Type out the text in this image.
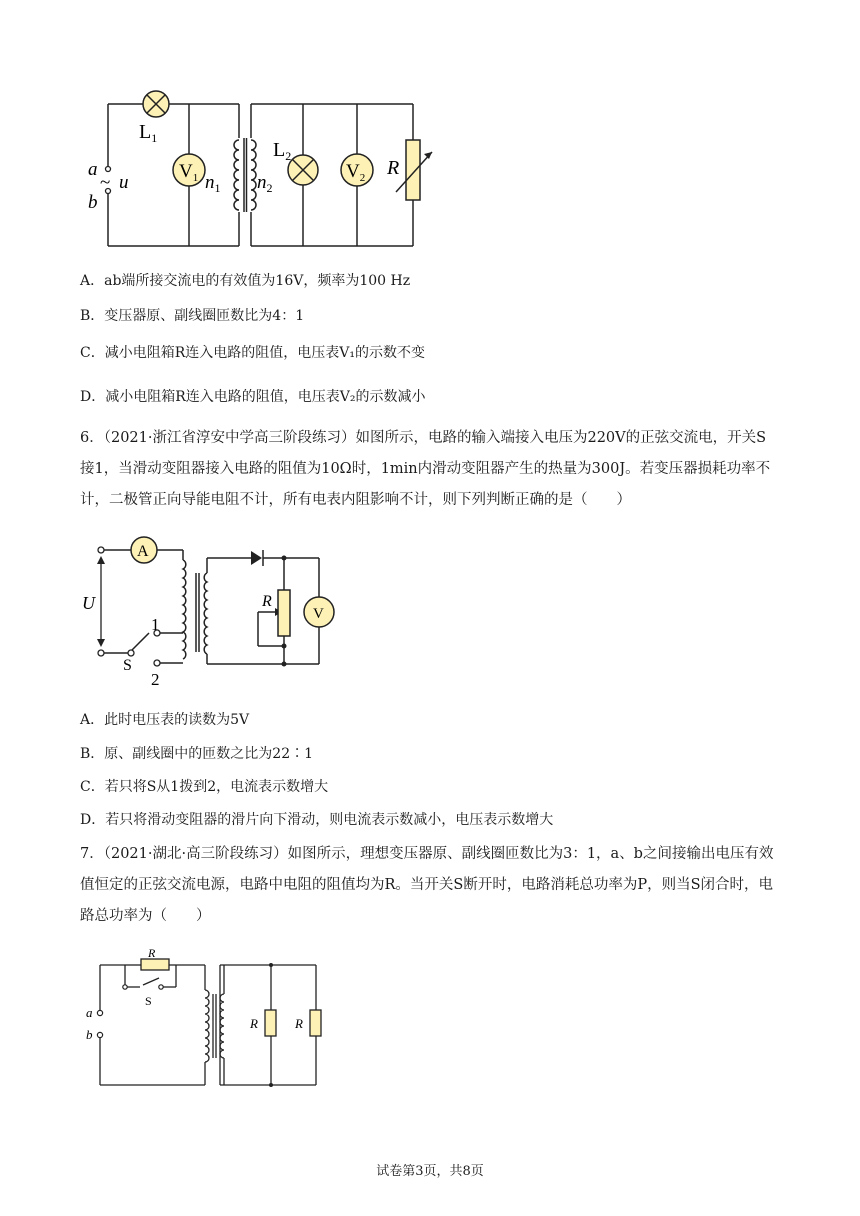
$L_1$
$V_1$ $n_1$ $n_2$
$L_2$
$V_2$ R
a
~ u
b
A．ab端所接交流电的有效值为16V，频率为100 Hz
B．变压器原、副线圈匝数比为4：1
C．减小电阻箱R连入电路的阻值，电压表V₁的示数不变
D．减小电阻箱R连入电路的阻值，电压表V₂的示数减小
6．（2021·浙江省淳安中学高三阶段练习）如图所示，电路的输入端接入电压为220V的正弦交流电，开关S接1，当滑动变阻器接入电路的阻值为10Ω时，1min内滑动变阻器产生的热量为300J。若变压器损耗功率不计，二极管正向导能电阻不计，所有电表内阻影响不计，则下列判断正确的是（　　）
A
U
1
2
S
R
V
A．此时电压表的读数为5V
B．原、副线圈中的匝数之比为22∶1
C．若只将S从1拨到2，电流表示数增大
D．若只将滑动变阻器的滑片向下滑动，则电流表示数减小，电压表示数增大
7．（2021·湖北·高三阶段练习）如图所示，理想变压器原、副线圈匝数比为3：1，a、b之间接输出电压有效值恒定的正弦交流电源，电路中电阻的阻值均为R。当开关S断开时，电路消耗总功率为P，则当S闭合时，电路总功率为（　　）
R
S
a
b
R	R
试卷第3页，共8页
